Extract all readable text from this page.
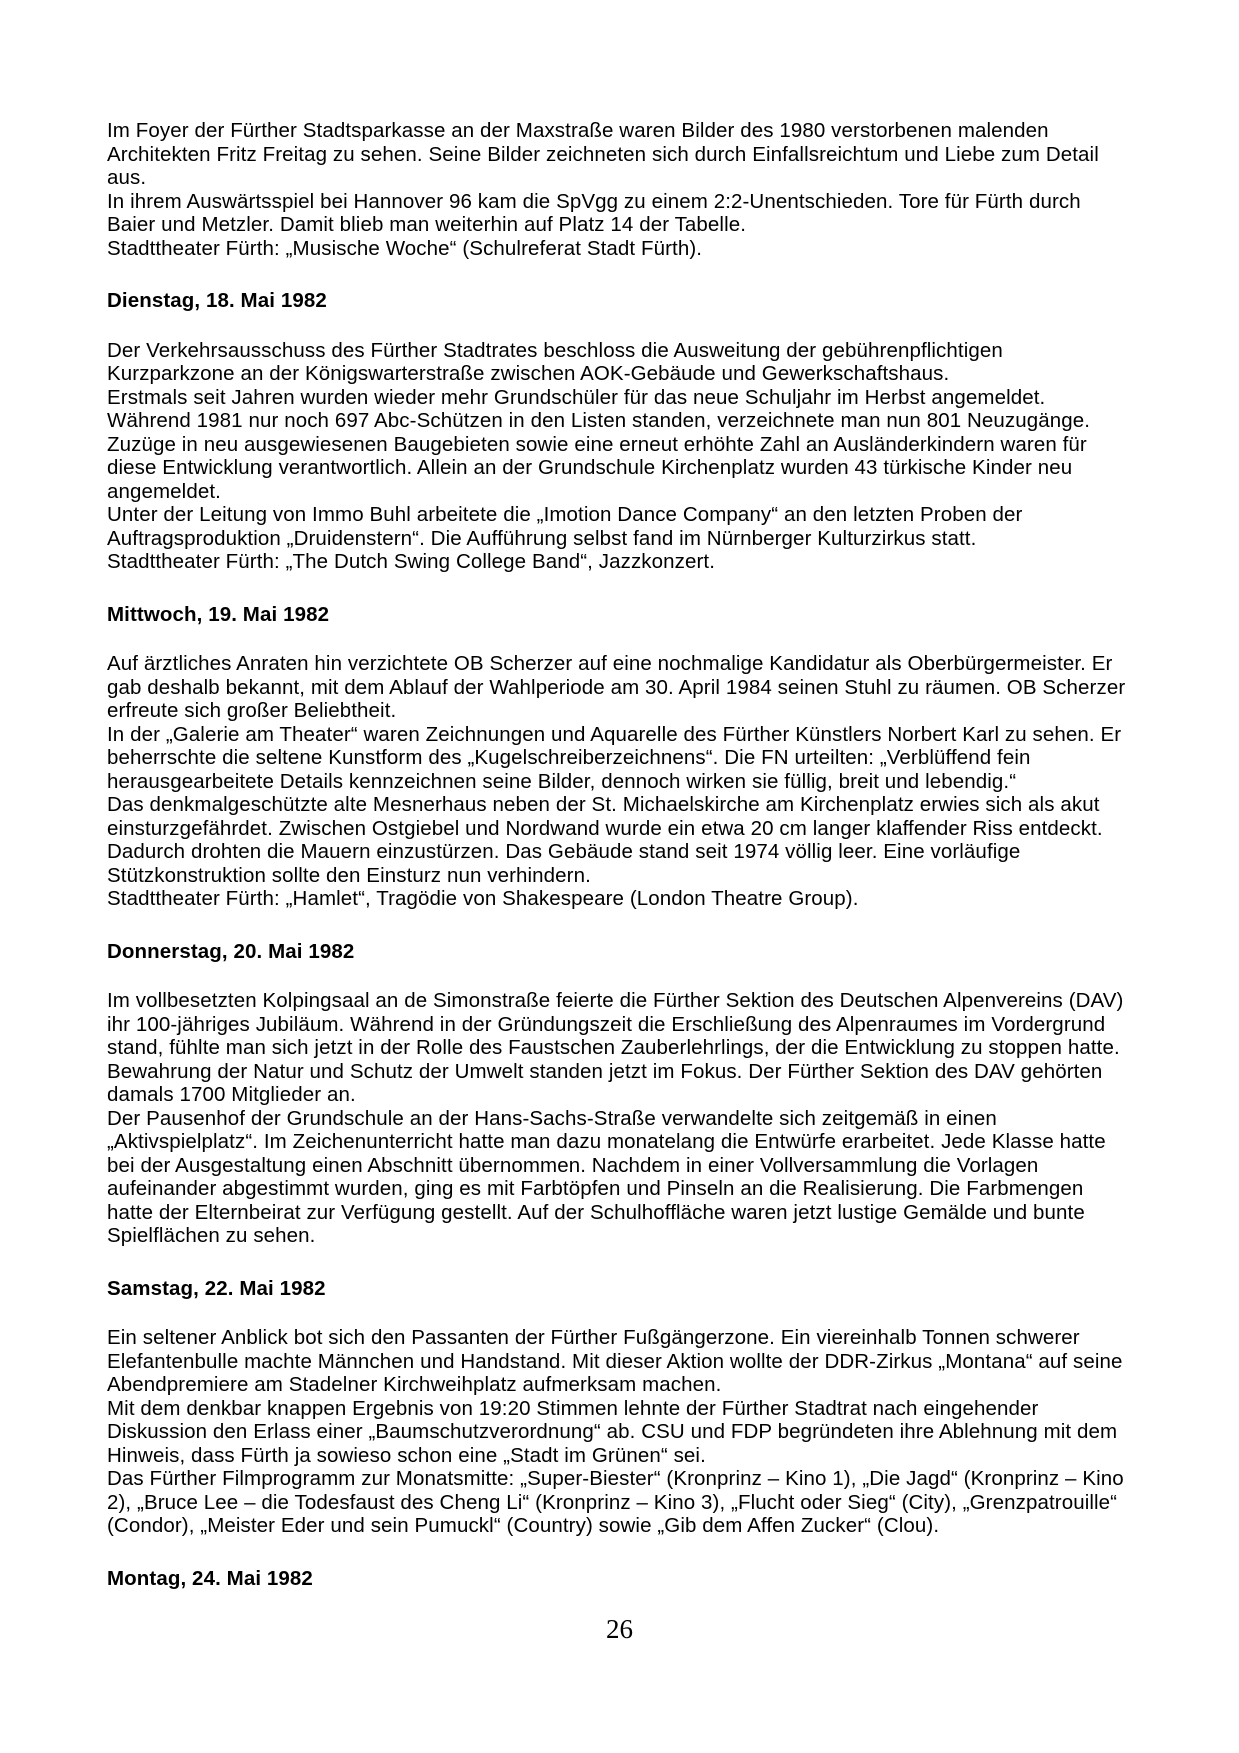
Im Foyer der Fürther Stadtsparkasse an der Maxstraße waren Bilder des 1980 verstorbenen malenden Architekten Fritz Freitag zu sehen. Seine Bilder zeichneten sich durch Einfallsreichtum und Liebe zum Detail aus.

In ihrem Auswärtsspiel bei Hannover 96 kam die SpVgg zu einem 2:2-Unentschieden. Tore für Fürth durch Baier und Metzler. Damit blieb man weiterhin auf Platz 14 der Tabelle.

Stadttheater Fürth: „Musische Woche“ (Schulreferat Stadt Fürth).

Dienstag, 18. Mai 1982

Der Verkehrsausschuss des Fürther Stadtrates beschloss die Ausweitung der gebührenpflichtigen Kurzparkzone an der Königswarterstraße zwischen AOK-Gebäude und Gewerkschaftshaus.

Erstmals seit Jahren wurden wieder mehr Grundschüler für das neue Schuljahr im Herbst angemeldet. Während 1981 nur noch 697 Abc-Schützen in den Listen standen, verzeichnete man nun 801 Neuzugänge. Zuzüge in neu ausgewiesenen Baugebieten sowie eine erneut erhöhte Zahl an Ausländerkindern waren für diese Entwicklung verantwortlich. Allein an der Grundschule Kirchenplatz wurden 43 türkische Kinder neu angemeldet.

Unter der Leitung von Immo Buhl arbeitete die „Imotion Dance Company“ an den letzten Proben der Auftragsproduktion „Druidenstern“. Die Aufführung selbst fand im Nürnberger Kulturzirkus statt.

Stadttheater Fürth: „The Dutch Swing College Band“, Jazzkonzert.

Mittwoch, 19. Mai 1982

Auf ärztliches Anraten hin verzichtete OB Scherzer auf eine nochmalige Kandidatur als Oberbürgermeister. Er gab deshalb bekannt, mit dem Ablauf der Wahlperiode am 30. April 1984 seinen Stuhl zu räumen. OB Scherzer erfreute sich großer Beliebtheit.

In der „Galerie am Theater“ waren Zeichnungen und Aquarelle des Fürther Künstlers Norbert Karl zu sehen. Er beherrschte die seltene Kunstform des „Kugelschreiberzeichnens“. Die FN urteilten: „Verblüffend fein herausgearbeitete Details kennzeichnen seine Bilder, dennoch wirken sie füllig, breit und lebendig.“

Das denkmalgeschützte alte Mesnerhaus neben der St. Michaelskirche am Kirchenplatz erwies sich als akut einsturzgefährdet. Zwischen Ostgiebel und Nordwand wurde ein etwa 20 cm langer klaffender Riss entdeckt. Dadurch drohten die Mauern einzustürzen. Das Gebäude stand seit 1974 völlig leer. Eine vorläufige Stützkonstruktion sollte den Einsturz nun verhindern.

Stadttheater Fürth: „Hamlet“, Tragödie von Shakespeare (London Theatre Group).

Donnerstag, 20. Mai 1982

Im vollbesetzten Kolpingsaal an de Simonstraße feierte die Fürther Sektion des Deutschen Alpenvereins (DAV) ihr 100-jähriges Jubiläum. Während in der Gründungszeit die Erschließung des Alpenraumes im Vordergrund stand, fühlte man sich jetzt in der Rolle des Faustschen Zauberlehrlings, der die Entwicklung zu stoppen hatte. Bewahrung der Natur und Schutz der Umwelt standen jetzt im Fokus. Der Fürther Sektion des DAV gehörten damals 1700 Mitglieder an.

Der Pausenhof der Grundschule an der Hans-Sachs-Straße verwandelte sich zeitgemäß in einen „Aktivspielplatz“. Im Zeichenunterricht hatte man dazu monatelang die Entwürfe erarbeitet. Jede Klasse hatte bei der Ausgestaltung einen Abschnitt übernommen. Nachdem in einer Vollversammlung die Vorlagen aufeinander abgestimmt wurden, ging es mit Farbtöpfen und Pinseln an die Realisierung. Die Farbmengen hatte der Elternbeirat zur Verfügung gestellt. Auf der Schulhoffläche waren jetzt lustige Gemälde und bunte Spielflächen zu sehen.

Samstag, 22. Mai 1982

Ein seltener Anblick bot sich den Passanten der Fürther Fußgängerzone. Ein viereinhalb Tonnen schwerer Elefantenbulle machte Männchen und Handstand. Mit dieser Aktion wollte der DDR-Zirkus „Montana“ auf seine Abendpremiere am Stadelner Kirchweihplatz aufmerksam machen.

Mit dem denkbar knappen Ergebnis von 19:20 Stimmen lehnte der Fürther Stadtrat nach eingehender Diskussion den Erlass einer „Baumschutzverordnung“ ab. CSU und FDP begründeten ihre Ablehnung mit dem Hinweis, dass Fürth ja sowieso schon eine „Stadt im Grünen“ sei.

Das Fürther Filmprogramm zur Monatsmitte: „Super-Biester“ (Kronprinz – Kino 1), „Die Jagd“ (Kronprinz – Kino 2), „Bruce Lee – die Todesfaust des Cheng Li“ (Kronprinz – Kino 3), „Flucht oder Sieg“ (City), „Grenzpatrouille“ (Condor), „Meister Eder und sein Pumuckl“ (Country) sowie „Gib dem Affen Zucker“ (Clou).

Montag, 24. Mai 1982
26
